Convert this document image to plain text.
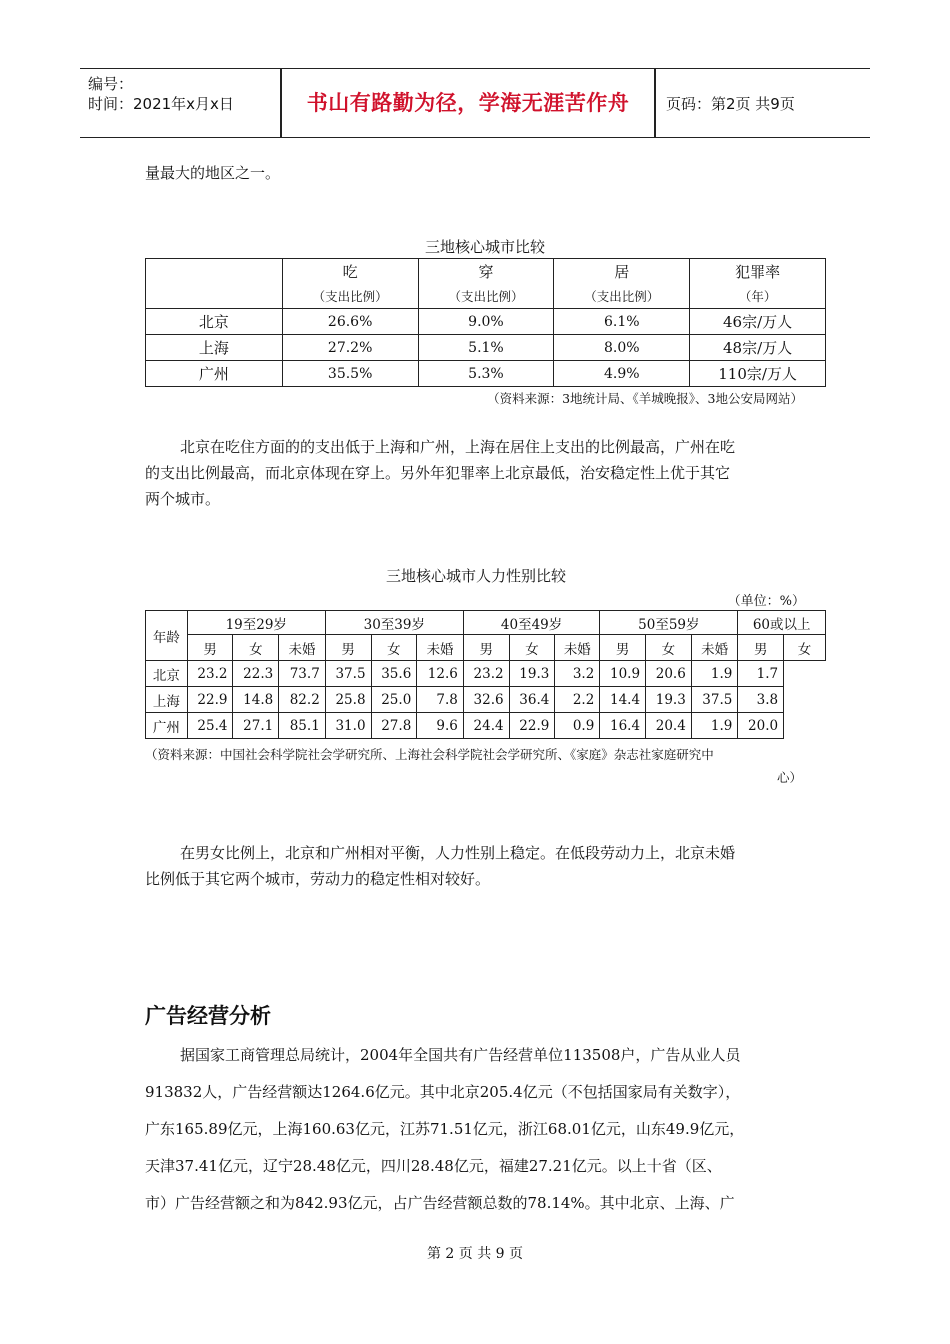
编号：
时间：2021年x月x日	书山有路勤为径，学海无涯苦作舟	页码：第2页 共9页

量最大的地区之一。

三地核心城市比较
	吃	穿	居	犯罪率
	（支出比例）	（支出比例）	（支出比例）	（年）
北京	26.6%	9.0%	6.1%	46宗/万人
上海	27.2%	5.1%	8.0%	48宗/万人
广州	35.5%	5.3%	4.9%	110宗/万人
（资料来源：3地统计局、《羊城晚报》、3地公安局网站）

北京在吃住方面的的支出低于上海和广州，上海在居住上支出的比例最高，广州在吃

的支出比例最高，而北京体现在穿上。另外年犯罪率上北京最低，治安稳定性上优于其它

两个城市。

三地核心城市人力性别比较
（单位：%）
年龄	19至29岁			30至39岁			40至49岁			50至59岁			60或以上	
	男	女	未婚	男	女	未婚	男	女	未婚	男	女	未婚	男	女
北京	23.2	22.3	73.7	37.5	35.6	12.6	23.2	19.3	3.2	10.9	20.6	1.9	1.7	
上海	22.9	14.8	82.2	25.8	25.0	7.8	32.6	36.4	2.2	14.4	19.3	37.5	3.8	
广州	25.4	27.1	85.1	31.0	27.8	9.6	24.4	22.9	0.9	16.4	20.4	1.9	20.0	
（资料来源：中国社会科学院社会学研究所、上海社会科学院社会学研究所、《家庭》杂志社家庭研究中
心）

在男女比例上，北京和广州相对平衡，人力性别上稳定。在低段劳动力上，北京未婚

比例低于其它两个城市，劳动力的稳定性相对较好。

广告经营分析

据国家工商管理总局统计，2004年全国共有广告经营单位113508户，广告从业人员

913832人，广告经营额达1264.6亿元。其中北京205.4亿元（不包括国家局有关数字），

广东165.89亿元，上海160.63亿元，江苏71.51亿元，浙江68.01亿元，山东49.9亿元，

天津37.41亿元，辽宁28.48亿元，四川28.48亿元，福建27.21亿元。以上十省（区、

市）广告经营额之和为842.93亿元，占广告经营额总数的78.14%。其中北京、上海、广

第 2 页 共 9 页
